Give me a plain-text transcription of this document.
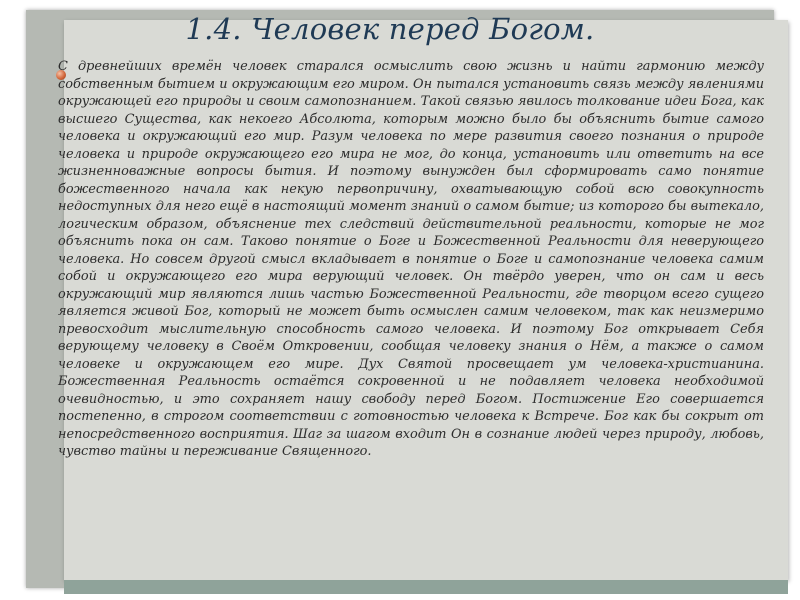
1.4. Человек перед Богом.
С древнейших времён человек старался осмыслить свою жизнь и найти гармонию между собственным бытием и окружающим его миром. Он пытался установить связь между явлениями окружающей его природы и своим самопознанием. Такой связью явилось толкование идеи Бога, как высшего Существа, как некоего Абсолюта, которым можно было бы объяснить бытие самого человека и окружающий его мир. Разум человека по мере развития своего познания о природе человека и природе окружающего его мира не мог, до конца, установить или ответить на все жизненноважные вопросы бытия. И поэтому вынужден был сформировать само понятие божественного начала как некую первопричину, охватывающую собой всю совокупность недоступных для него ещё в настоящий момент знаний о самом бытие; из которого бы вытекало, логическим образом, объяснение тех следствий действительной реальности, которые не мог объяснить пока он сам. Таково понятие о Боге и Божественной Реальности для неверующего человека. Но совсем другой смысл вкладывает в понятие о Боге и самопознание человека самим собой и окружающего его мира верующий человек. Он твёрдо уверен, что он сам и весь окружающий мир являются лишь частью Божественной Реальности, где творцом всего сущего является живой Бог, который не может быть осмыслен самим человеком, так как неизмеримо превосходит мыслительную способность самого человека. И поэтому Бог открывает Себя верующему человеку в Своём Откровении, сообщая человеку знания о Нём, а также о самом человеке и окружающем его мире. Дух Святой просвещает ум человека-христианина. Божественная Реальность остаётся сокровенной и не подавляет человека необходимой очевидностью, и это сохраняет нашу свободу перед Богом. Постижение Его совершается постепенно, в строгом соответствии с готовностью человека к Встрече. Бог как бы сокрыт от непосредственного восприятия. Шаг за шагом входит Он в сознание людей через природу, любовь, чувство тайны и переживание Священного.
